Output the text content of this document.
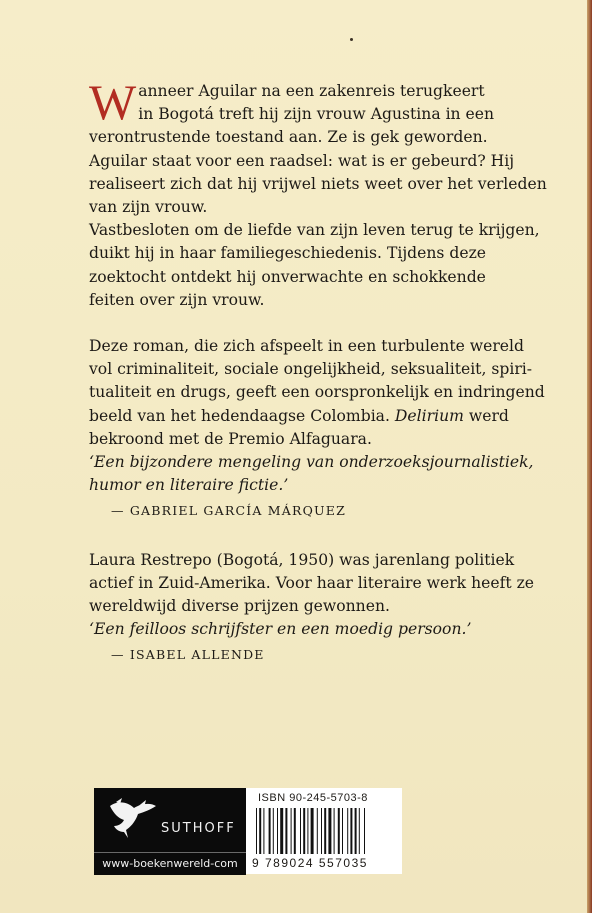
W anneer Aguilar na een zakenreis terugkeert
in Bogotá treft hij zijn vrouw Agustina in een
verontrustende toestand aan. Ze is gek geworden.
Aguilar staat voor een raadsel: wat is er gebeurd? Hij
realiseert zich dat hij vrijwel niets weet over het verleden
van zijn vrouw.
Vastbesloten om de liefde van zijn leven terug te krijgen,
duikt hij in haar familiegeschiedenis. Tijdens deze
zoektocht ontdekt hij onverwachte en schokkende
feiten over zijn vrouw.

Deze roman, die zich afspeelt in een turbulente wereld
vol criminaliteit, sociale ongelijkheid, seksualiteit, spiri-
tualiteit en drugs, geeft een oorspronkelijk en indringend
beeld van het hedendaagse Colombia. Delirium werd
bekroond met de Premio Alfaguara.

‘Een bijzondere mengeling van onderzoeksjournalistiek,
humor en literaire fictie.’

— GABRIEL GARCÍA MÁRQUEZ

Laura Restrepo (Bogotá, 1950) was jarenlang politiek
actief in Zuid-Amerika. Voor haar literaire werk heeft ze
wereldwijd diverse prijzen gewonnen.

‘Een feilloos schrijfster en een moedig persoon.’

— ISABEL ALLENDE

SUTHOFF
www-boekenwereld-com
ISBN 90-245-5703-8
9 789024 557035
